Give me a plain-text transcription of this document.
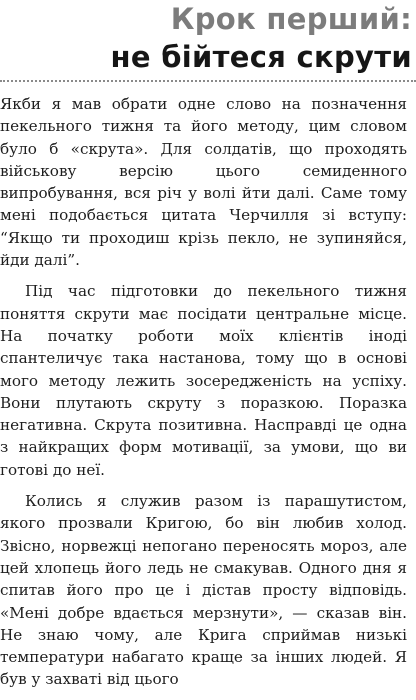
Крок перший:
не бійтеся скрути

Якби я мав обрати одне слово на позначення пекельного тижня та його методу, цим словом було б «скрута». Для солдатів, що проходять військову версію цього семиденного випробування, вся річ у волі йти далі. Саме тому мені подобається цитата Черчилля зі вступу: “Якщо ти проходиш крізь пекло, не зупиняйся, йди далі”.

Під час підготовки до пекельного тижня поняття скрути має посідати центральне місце. На початку роботи моїх клієнтів іноді спантеличує така настанова, тому що в основі мого методу лежить зосередженість на успіху. Вони плутають скруту з поразкою. Поразка негативна. Скрута позитивна. Насправді це одна з найкращих форм мотивації, за умови, що ви готові до неї.

Колись я служив разом із парашутистом, якого прозвали Кригою, бо він любив холод. Звісно, норвежці непогано переносять мороз, але цей хлопець його ледь не смакував. Одного дня я спитав його про це і дістав просту відповідь. «Мені добре вдається мерзнути», — сказав він. Не знаю чому, але Крига сприймав низькі температури набагато краще за інших людей. Я був у захваті від цього
